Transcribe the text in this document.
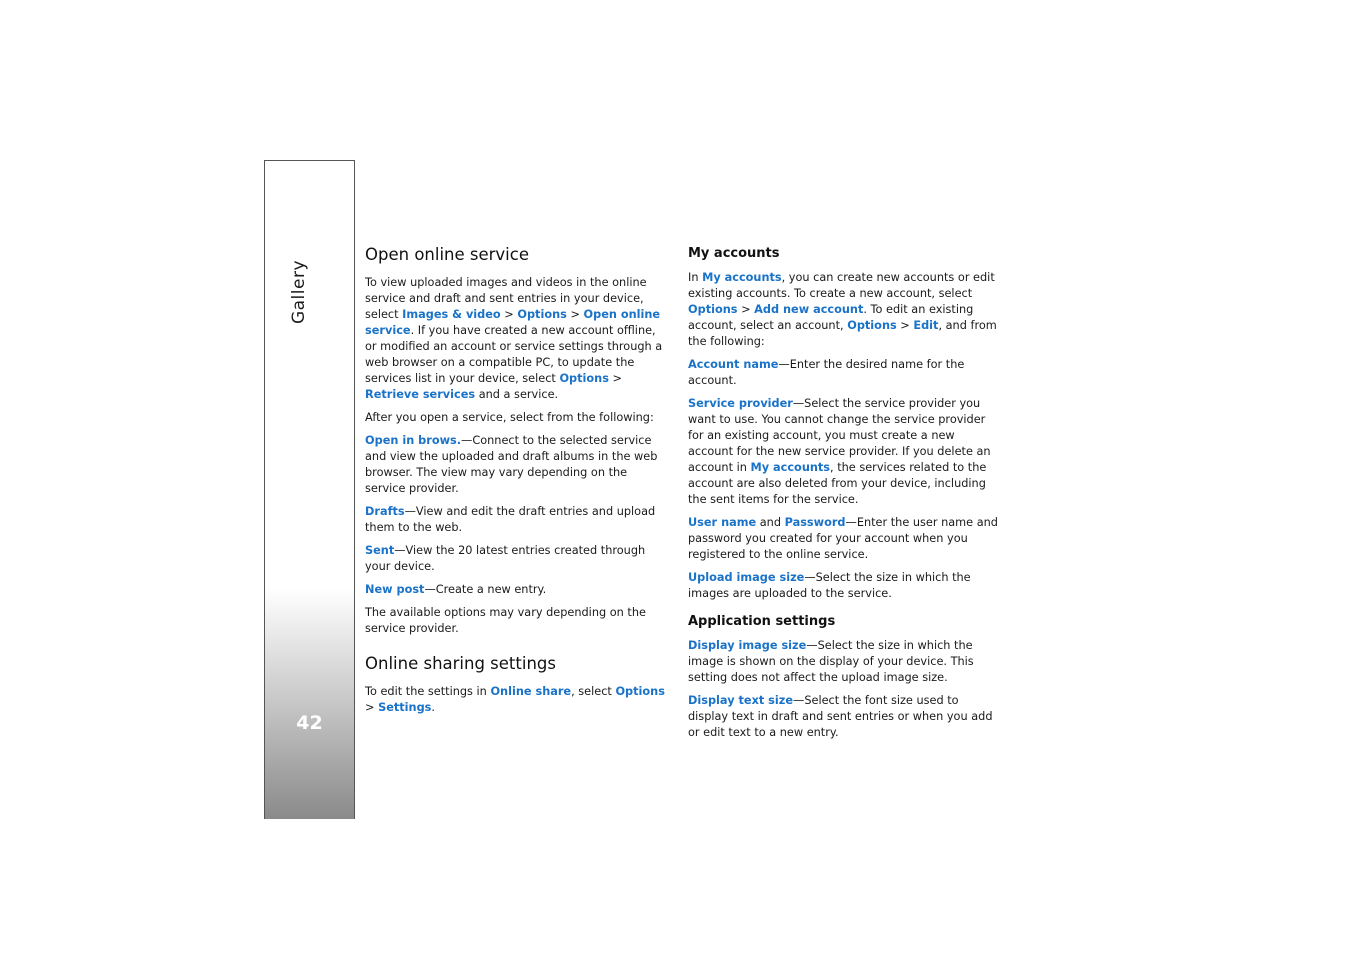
Gallery
42
Open online service

To view uploaded images and videos in the online service and draft and sent entries in your device, select Images & video > Options > Open online service. If you have created a new account offline, or modified an account or service settings through a web browser on a compatible PC, to update the services list in your device, select Options > Retrieve services and a service.

After you open a service, select from the following:

Open in brows.—Connect to the selected service and view the uploaded and draft albums in the web browser. The view may vary depending on the service provider.

Drafts—View and edit the draft entries and upload them to the web.

Sent—View the 20 latest entries created through your device.

New post—Create a new entry.

The available options may vary depending on the service provider.

Online sharing settings

To edit the settings in Online share, select Options > Settings.

My accounts

In My accounts, you can create new accounts or edit existing accounts. To create a new account, select Options > Add new account. To edit an existing account, select an account, Options > Edit, and from the following:

Account name—Enter the desired name for the account.

Service provider—Select the service provider you want to use. You cannot change the service provider for an existing account, you must create a new account for the new service provider. If you delete an account in My accounts, the services related to the account are also deleted from your device, including the sent items for the service.

User name and Password—Enter the user name and password you created for your account when you registered to the online service.

Upload image size—Select the size in which the images are uploaded to the service.

Application settings

Display image size—Select the size in which the image is shown on the display of your device. This setting does not affect the upload image size.

Display text size—Select the font size used to display text in draft and sent entries or when you add or edit text to a new entry.
